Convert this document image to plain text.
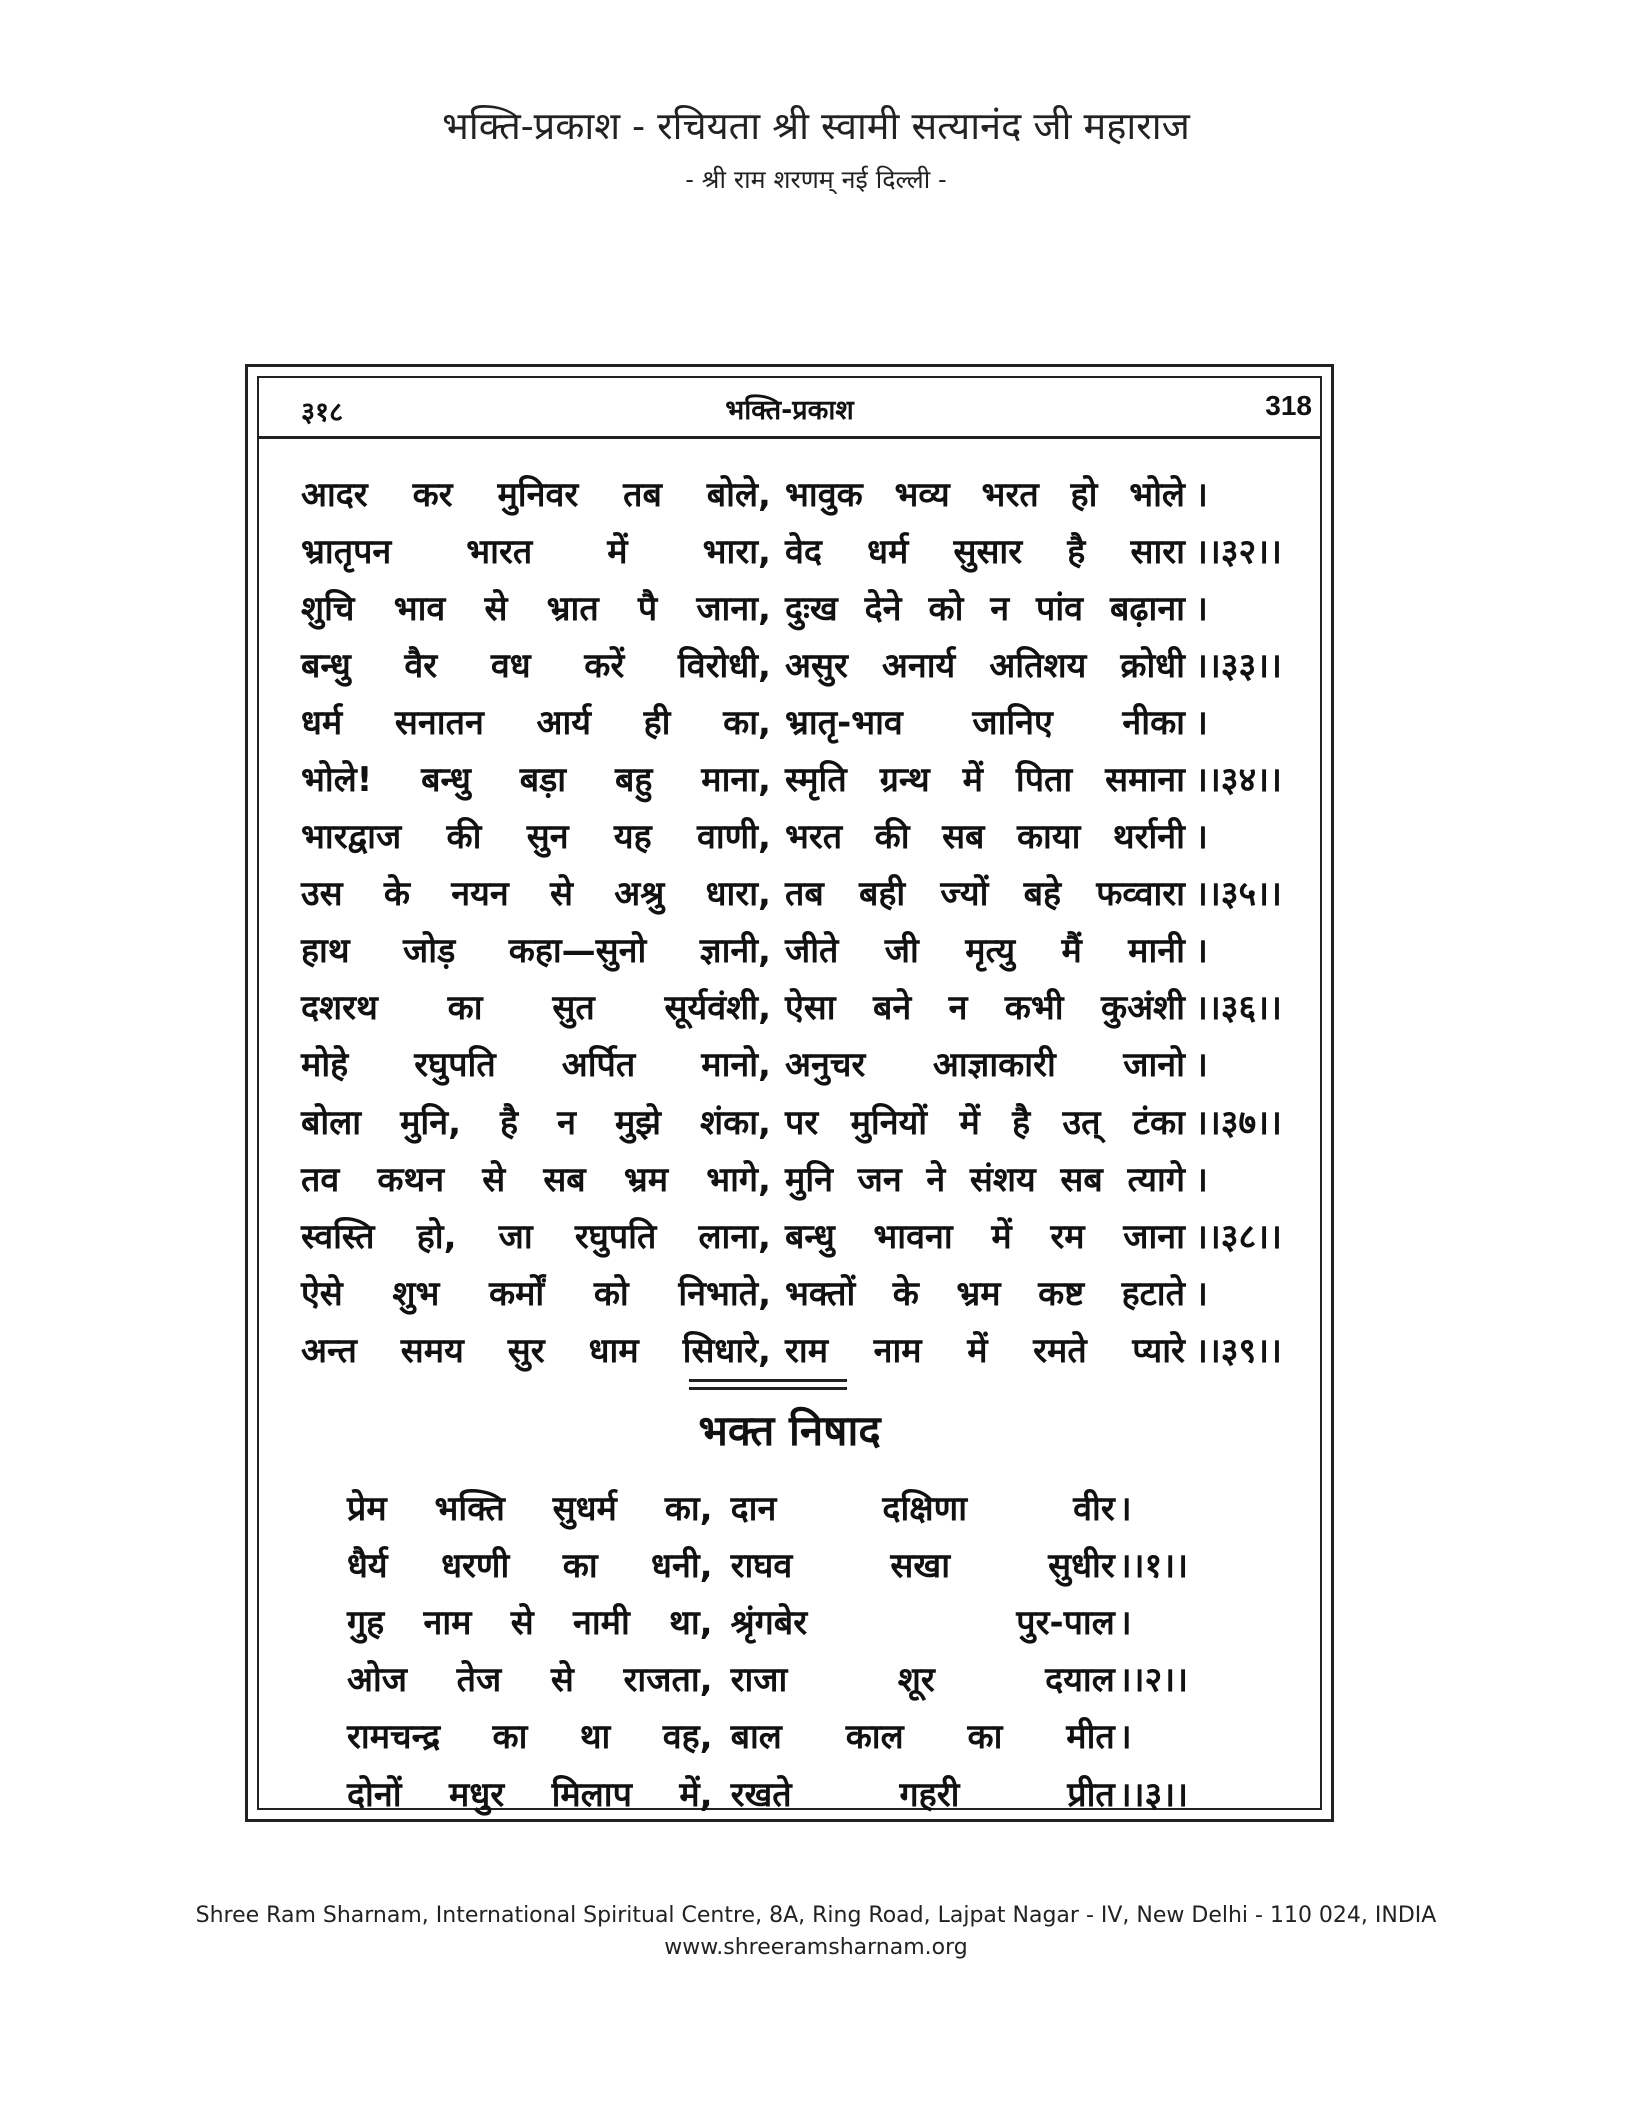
भक्ति-प्रकाश - रचियता श्री स्वामी सत्यानंद जी महाराज
- श्री राम शरणम् नई दिल्ली -
३१८	भक्ति-प्रकाश	318
आदर कर मुनिवर तब बोले, भावुक भव्य भरत हो भोले ।
भ्रातृपन भारत में भारा, वेद धर्म सुसार है सारा ।।३२।।
शुचि भाव से भ्रात पै जाना, दुःख देने को न पांव बढ़ाना ।
बन्धु वैर वध करें विरोधी, असुर अनार्य अतिशय क्रोधी ।।३३।।
धर्म सनातन आर्य ही का, भ्रातृ-भाव जानिए नीका ।
भोले! बन्धु बड़ा बहु माना, स्मृति ग्रन्थ में पिता समाना ।।३४।।
भारद्वाज की सुन यह वाणी, भरत की सब काया थर्रानी ।
उस के नयन से अश्रु धारा, तब बही ज्यों बहे फव्वारा ।।३५।।
हाथ जोड़ कहा—सुनो ज्ञानी, जीते जी मृत्यु मैं मानी ।
दशरथ का सुत सूर्यवंशी, ऐसा बने न कभी कुअंशी ।।३६।।
मोहे रघुपति अर्पित मानो, अनुचर आज्ञाकारी जानो ।
बोला मुनि, है न मुझे शंका, पर मुनियों में है उत् टंका ।।३७।।
तव कथन से सब भ्रम भागे, मुनि जन ने संशय सब त्यागे ।
स्वस्ति हो, जा रघुपति लाना, बन्धु भावना में रम जाना ।।३८।।
ऐसे शुभ कर्मों को निभाते, भक्तों के भ्रम कष्ट हटाते ।
अन्त समय सुर धाम सिधारे, राम नाम में रमते प्यारे ।।३९।।
भक्त निषाद
प्रेम भक्ति सुधर्म का, दान	दक्षिणा	वीर ।
धैर्य धरणी का धनी, राघव	सखा	सुधीर ।।१।।
गुह नाम से नामी था, श्रृंगबेर	पुर-पाल ।
ओज तेज से राजता, राजा	शूर	दयाल ।।२।।
रामचन्द्र का था वह, बाल काल का मीत ।
दोनों मधुर मिलाप में, रखते	गहरी	प्रीत ।।३।।
Shree Ram Sharnam, International Spiritual Centre, 8A, Ring Road, Lajpat Nagar - IV, New Delhi - 110 024, INDIA
www.shreeramsharnam.org
